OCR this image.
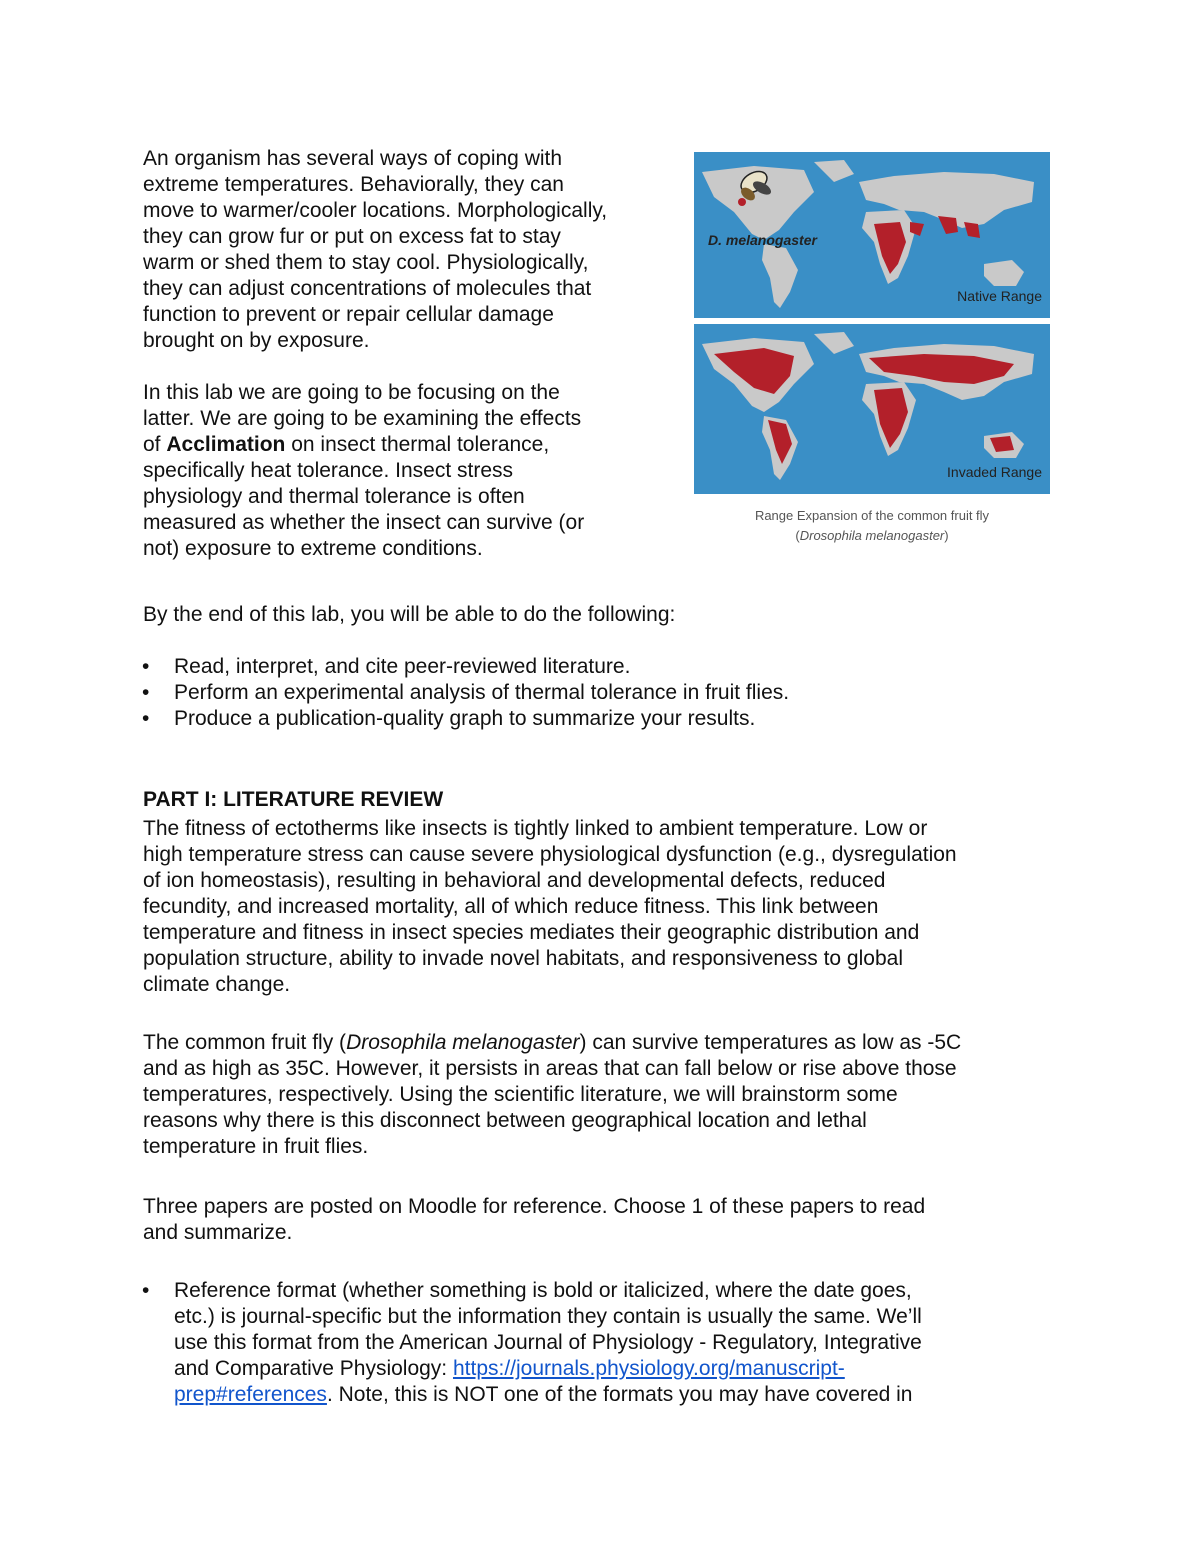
An organism has several ways of coping with
extreme temperatures. Behaviorally, they can
move to warmer/cooler locations. Morphologically,
they can grow fur or put on excess fat to stay
warm or shed them to stay cool. Physiologically,
they can adjust concentrations of molecules that
function to prevent or repair cellular damage
brought on by exposure.
In this lab we are going to be focusing on the
latter. We are going to be examining the effects
of Acclimation on insect thermal tolerance,
specifically heat tolerance. Insect stress
physiology and thermal tolerance is often
measured as whether the insect can survive (or
not) exposure to extreme conditions.
D. melanogaster
Native Range
Invaded Range
Range Expansion of the common fruit fly
(Drosophila melanogaster)

By the end of this lab, you will be able to do the following:

• Read, interpret, and cite peer-reviewed literature.
• Perform an experimental analysis of thermal tolerance in fruit flies.
• Produce a publication-quality graph to summarize your results.

PART I: LITERATURE REVIEW

The fitness of ectotherms like insects is tightly linked to ambient temperature. Low or
high temperature stress can cause severe physiological dysfunction (e.g., dysregulation
of ion homeostasis), resulting in behavioral and developmental defects, reduced
fecundity, and increased mortality, all of which reduce fitness. This link between
temperature and fitness in insect species mediates their geographic distribution and
population structure, ability to invade novel habitats, and responsiveness to global
climate change.
The common fruit fly (Drosophila melanogaster) can survive temperatures as low as -5C
and as high as 35C. However, it persists in areas that can fall below or rise above those
temperatures, respectively. Using the scientific literature, we will brainstorm some
reasons why there is this disconnect between geographical location and lethal
temperature in fruit flies.
Three papers are posted on Moodle for reference. Choose 1 of these papers to read
and summarize.
• Reference format (whether something is bold or italicized, where the date goes,
etc.) is journal-specific but the information they contain is usually the same. We’ll
use this format from the American Journal of Physiology - Regulatory, Integrative
and Comparative Physiology: https://journals.physiology.org/manuscript-
prep#references. Note, this is NOT one of the formats you may have covered in
